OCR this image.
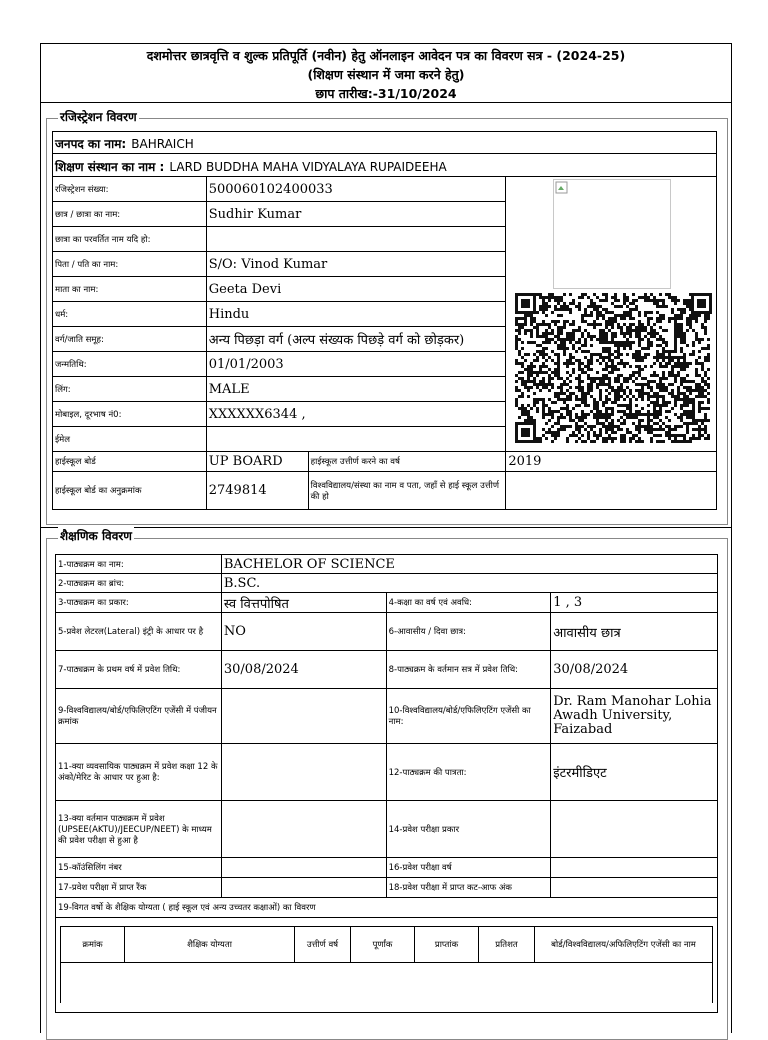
दशमोत्तर छात्रवृत्ति व शुल्क प्रतिपूर्ति (नवीन) हेतु ऑनलाइन आवेदन पत्र का विवरण सत्र - (2024-25)
(शिक्षण संस्थान में जमा करने हेतु)
छाप तारीख:-31/10/2024
रजिस्ट्रेशन विवरण
जनपद का नाम: BAHRAICH
शिक्षण संस्थान का नाम : LARD BUDDHA MAHA VIDYALAYA RUPAIDEEHA
रजिस्ट्रेशन संख्या:	500060102400033		
छात्र / छात्रा का नाम:	Sudhir Kumar		
छात्रा का परवर्तित नाम यदि हो:			
पिता / पति का नाम:	S/O: Vinod Kumar		
माता का नाम:	Geeta Devi		
धर्म:	Hindu		
वर्ग/जाति समूह:	अन्य पिछड़ा वर्ग (अल्प संख्यक पिछड़े वर्ग को छोड़कर)		
जन्मतिथि:	01/01/2003		
लिंग:	MALE		
मोबाइल, दूरभाष नं0:	XXXXXX6344 ,		
ईमेल			
हाईस्कूल बोर्ड	UP BOARD	हाईस्कूल उत्तीर्ण करने का वर्ष	2019
हाईस्कूल बोर्ड का अनुक्रमांक	2749814	विश्वविद्यालय/संस्था का नाम व पता, जहाँ से हाई स्कूल उत्तीर्ण की हो	
शैक्षणिक विवरण
1-पाठ्यक्रम का नाम:	BACHELOR OF SCIENCE
2-पाठ्यक्रम का ब्रांच:	B.SC.
3-पाठ्यक्रम का प्रकार:	स्व वित्तपोषित	4-कक्षा का वर्ष एवं अवधि:	1 , 3
5-प्रवेश लेटरल(Lateral) इंट्री के आधार पर है	NO	6-आवासीय / दिवा छात्र:	आवासीय छात्र
7-पाठ्यक्रम के प्रथम वर्ष में प्रवेश तिथि:	30/08/2024	8-पाठ्यक्रम के वर्तमान सत्र में प्रवेश तिथि:	30/08/2024
9-विश्वविद्यालय/बोर्ड/एफिलिएटिंग एजेंसी में पंजीयन क्रमांक		10-विश्वविद्यालय/बोर्ड/एफिलिएटिंग एजेंसी का नाम:	Dr. Ram Manohar Lohia Awadh University, Faizabad
11-क्या व्यवसायिक पाठ्यक्रम में प्रवेश कक्षा 12 के अंको/मेरिट के आधार पर हुआ है:		12-पाठ्यक्रम की पात्रता:	इंटरमीडिएट
13-क्या वर्तमान पाठ्यक्रम में प्रवेश (UPSEE(AKTU)/JEECUP/NEET) के माध्यम की प्रवेश परीक्षा से हुआ है		14-प्रवेश परीक्षा प्रकार	
15-कॉउंसिलिंग नंबर		16-प्रवेश परीक्षा वर्ष	
17-प्रवेश परीक्षा में प्राप्त रैंक		18-प्रवेश परीक्षा में प्राप्त कट-आफ अंक	
19-विगत वर्षो के शैक्षिक योग्यता ( हाई स्कूल एवं अन्य उच्चतर कक्षाओं) का विवरण

क्रमांक	शैक्षिक योग्यता	उत्तीर्ण वर्ष	पूर्णांक	प्राप्तांक	प्रतिशत	बोर्ड/विश्वविद्यालय/अफिलिएटिंग एजेंसी का नाम
